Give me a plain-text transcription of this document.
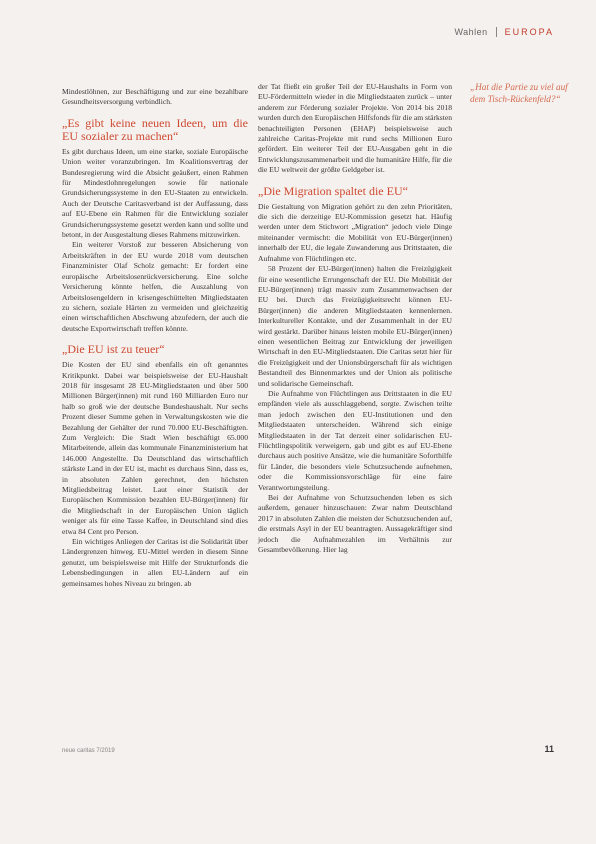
Wahlen	EUROPA

Mindestlöhnen, zur Beschäftigung und zur eine bezahlbare Gesundheitsversorgung verbindlich.

„Es gibt keine neuen Ideen, um die EU sozialer zu machen“

Es gibt durchaus Ideen, um eine starke, soziale Europäische Union weiter voranzubringen. Im Koalitionsvertrag der Bundesregierung wird die Absicht geäußert, einen Rahmen für Mindestlohnregelungen sowie für nationale Grundsicherungssysteme in den EU-Staaten zu entwickeln. Auch der Deutsche Caritasverband ist der Auffassung, dass auf EU-Ebene ein Rahmen für die Entwicklung sozialer Grundsicherungssysteme gesetzt werden kann und sollte und betont, in der Ausgestaltung dieses Rahmens mitzuwirken.

Ein weiterer Vorstoß zur besseren Absicherung von Arbeitskräften in der EU wurde 2018 vom deutschen Finanzminister Olaf Scholz gemacht: Er fordert eine europäische Arbeitslosenrückversicherung. Eine solche Versicherung könnte helfen, die Auszahlung von Arbeitslosengeldern in krisengeschüttelten Mitgliedstaaten zu sichern, soziale Härten zu vermeiden und gleichzeitig einen wirtschaftlichen Abschwung abzufedern, der auch die deutsche Exportwirtschaft treffen könnte.

„Die EU ist zu teuer“

Die Kosten der EU sind ebenfalls ein oft genanntes Kritikpunkt. Dabei war beispielsweise der EU-Haushalt 2018 für insgesamt 28 EU-Mitgliedstaaten und über 500 Millionen Bürger(innen) mit rund 160 Milliarden Euro nur halb so groß wie der deutsche Bundeshaushalt. Nur sechs Prozent dieser Summe gehen in Verwaltungskosten wie die Bezahlung der Gehälter der rund 70.000 EU-Beschäftigten. Zum Vergleich: Die Stadt Wien beschäftigt 65.000 Mitarbeitende, allein das kommunale Finanzministerium hat 146.000 Angestellte. Da Deutschland das wirtschaftlich stärkste Land in der EU ist, macht es durchaus Sinn, dass es, in absoluten Zahlen gerechnet, den höchsten Mitgliedsbeitrag leistet. Laut einer Statistik der Europäischen Kommission bezahlen EU-Bürger(innen) für die Mitgliedschaft in der Europäischen Union täglich weniger als für eine Tasse Kaffee, in Deutschland sind dies etwa 84 Cent pro Person.

Ein wichtiges Anliegen der Caritas ist die Solidarität über Ländergrenzen hinweg. EU-Mittel werden in diesem Sinne genutzt, um beispielsweise mit Hilfe der Strukturfonds die Lebensbedingungen in allen EU-Ländern auf ein gemeinsames hohes Niveau zu bringen. ab

der Tat fließt ein großer Teil der EU-Haushalts in Form von EU-Fördermitteln wieder in die Mitgliedstaaten zurück – unter anderem zur Förderung sozialer Projekte. Von 2014 bis 2018 wurden durch den Europäischen Hilfsfonds für die am stärksten benachteiligten Personen (EHAP) beispielsweise auch zahlreiche Caritas-Projekte mit rund sechs Millionen Euro gefördert. Ein weiterer Teil der EU-Ausgaben geht in die Entwicklungszusammenarbeit und die humanitäre Hilfe, für die die EU weltweit der größte Geldgeber ist.

„Die Migration spaltet die EU“

Die Gestaltung von Migration gehört zu den zehn Prioritäten, die sich die derzeitige EU-Kommission gesetzt hat. Häufig werden unter dem Stichwort „Migration“ jedoch viele Dinge miteinander vermischt: die Mobilität von EU-Bürger(innen) innerhalb der EU, die legale Zuwanderung aus Drittstaaten, die Aufnahme von Flüchtlingen etc.

58 Prozent der EU-Bürger(innen) halten die Freizügigkeit für eine wesentliche Errungenschaft der EU. Die Mobilität der EU-Bürger(innen) trägt massiv zum Zusammenwachsen der EU bei. Durch das Freizügigkeitsrecht können EU-Bürger(innen) die anderen Mitgliedstaaten kennenlernen. Interkultureller Kontakte, und der Zusammenhalt in der EU wird gestärkt. Darüber hinaus leisten mobile EU-Bürger(innen) einen wesentlichen Beitrag zur Entwicklung der jeweiligen Wirtschaft in den EU-Mitgliedstaaten. Die Caritas setzt hier für die Freizügigkeit und der Unionsbürgerschaft für als wichtigen Bestandteil des Binnenmarktes und der Union als politische und solidarische Gemeinschaft.

Die Aufnahme von Flüchtlingen aus Drittstaaten in die EU empfänden viele als ausschlaggebend, sorgte. Zwischen teilte man jedoch zwischen den EU-Institutionen und den Mitgliedstaaten unterscheiden. Während sich einige Mitgliedstaaten in der Tat derzeit einer solidarischen EU-Flüchtlingspolitik verweigern, gab und gibt es auf EU-Ebene durchaus auch positive Ansätze, wie die humanitäre Soforthilfe für Länder, die besonders viele Schutzsuchende aufnehmen, oder die Kommissionsvorschläge für eine faire Verantwortungsteilung.

Bei der Aufnahme von Schutzsuchenden leben es sich außerdem, genauer hinzuschauen: Zwar nahm Deutschland 2017 in absoluten Zahlen die meisten der Schutzsuchenden auf, die erstmals Asyl in der EU beantragten. Aussagekräftiger sind jedoch die Aufnahmezahlen im Verhältnis zur Gesamtbevölkerung. Hier lag

„Hat die Partie zu viel auf dem Tisch-Rückenfeld?“
neue caritas 7/2019	11
